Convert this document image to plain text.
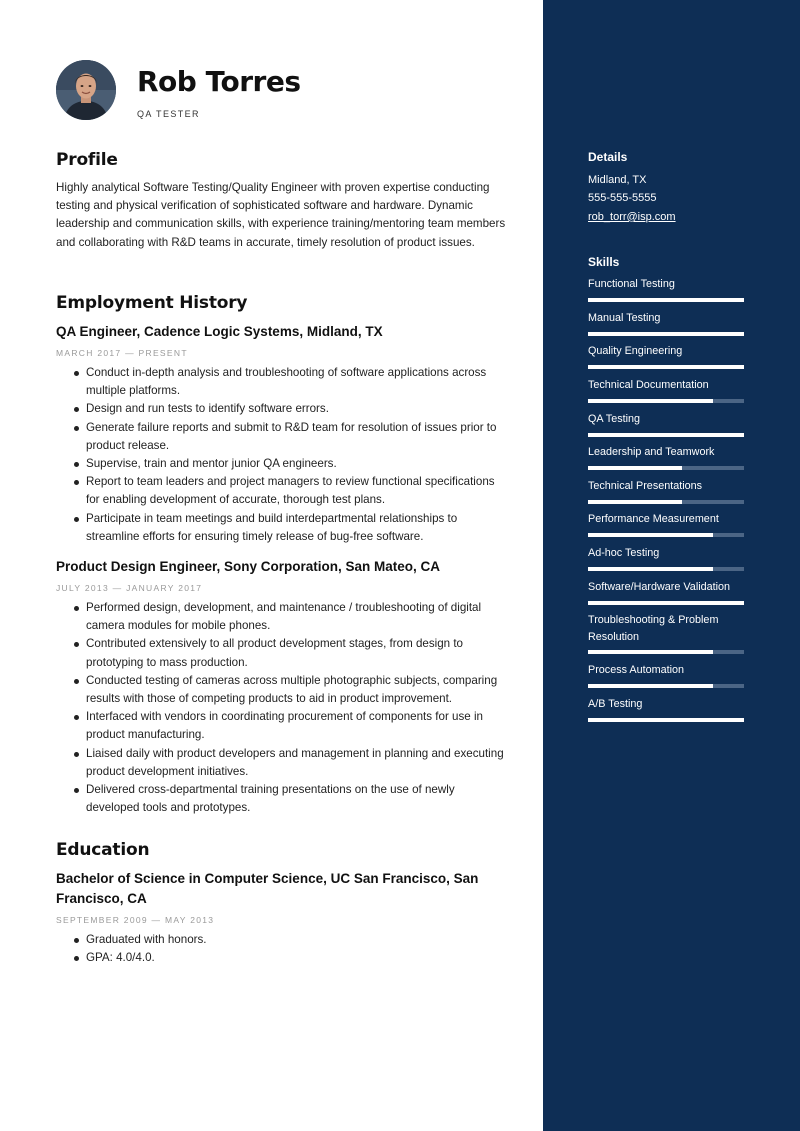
Rob Torres
QA TESTER
Profile
Highly analytical Software Testing/Quality Engineer with proven expertise conducting testing and physical verification of sophisticated software and hardware. Dynamic leadership and communication skills, with experience training/mentoring team members and collaborating with R&D teams in accurate, timely resolution of product issues.
Employment History
QA Engineer, Cadence Logic Systems, Midland, TX
MARCH 2017 — PRESENT
Conduct in-depth analysis and troubleshooting of software applications across multiple platforms.
Design and run tests to identify software errors.
Generate failure reports and submit to R&D team for resolution of issues prior to product release.
Supervise, train and mentor junior QA engineers.
Report to team leaders and project managers to review functional specifications for enabling development of accurate, thorough test plans.
Participate in team meetings and build interdepartmental relationships to streamline efforts for ensuring timely release of bug-free software.
Product Design Engineer, Sony Corporation, San Mateo, CA
JULY 2013 — JANUARY 2017
Performed design, development, and maintenance / troubleshooting of digital camera modules for mobile phones.
Contributed extensively to all product development stages, from design to prototyping to mass production.
Conducted testing of cameras across multiple photographic subjects, comparing results with those of competing products to aid in product improvement.
Interfaced with vendors in coordinating procurement of components for use in product manufacturing.
Liaised daily with product developers and management in planning and executing product development initiatives.
Delivered cross-departmental training presentations on the use of newly developed tools and prototypes.
Education
Bachelor of Science in Computer Science, UC San Francisco, San Francisco, CA
SEPTEMBER 2009 — MAY 2013
Graduated with honors.
GPA: 4.0/4.0.
Details
Midland, TX
555-555-5555
rob_torr@isp.com
Skills
Functional Testing
Manual Testing
Quality Engineering
Technical Documentation
QA Testing
Leadership and Teamwork
Technical Presentations
Performance Measurement
Ad-hoc Testing
Software/Hardware Validation
Troubleshooting & Problem Resolution
Process Automation
A/B Testing
